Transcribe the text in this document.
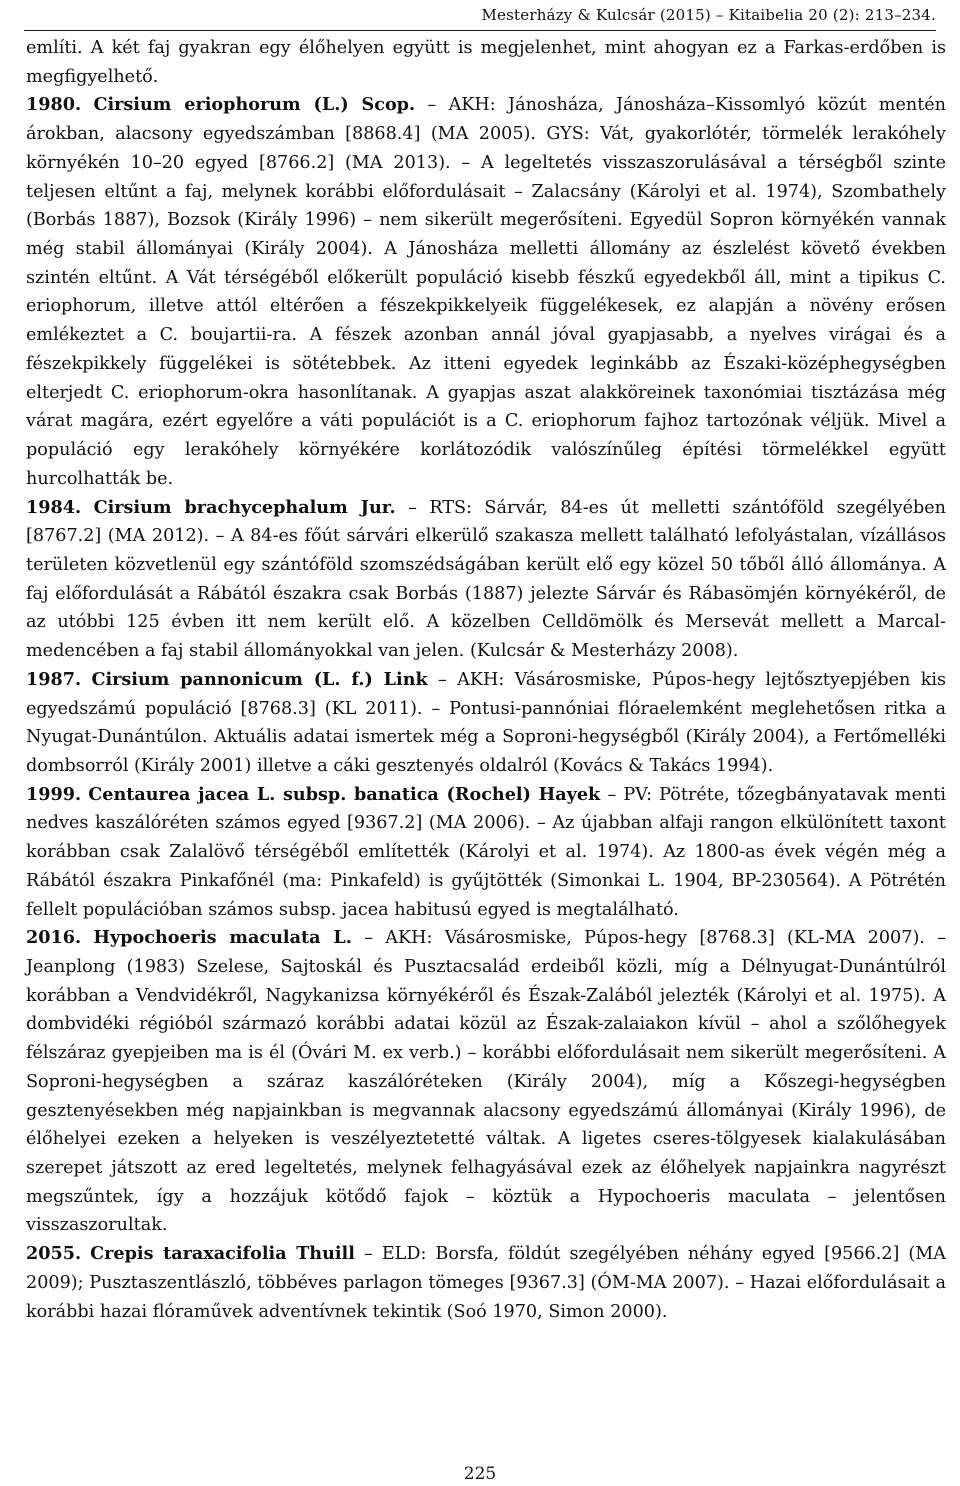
Mesterházy & Kulcsár (2015) – Kitaibelia 20 (2): 213–234.

említi. A két faj gyakran egy élőhelyen együtt is megjelenhet, mint ahogyan ez a Farkas-erdőben is megfigyelhető.

1980. Cirsium eriophorum (L.) Scop. – AKH: Jánosháza, Jánosháza–Kissomlyó közút mentén árokban, alacsony egyedszámban [8868.4] (MA 2005). GYS: Vát, gyakorlótér, törmelék lerakóhely környékén 10–20 egyed [8766.2] (MA 2013). – A legeltetés visszaszorulásával a térségből szinte teljesen eltűnt a faj, melynek korábbi előfordulásait – Zalacsány (Károlyi et al. 1974), Szombathely (Borbás 1887), Bozsok (Király 1996) – nem sikerült megerősíteni. Egyedül Sopron környékén vannak még stabil állományai (Király 2004). A Jánosháza melletti állomány az észlelést követő években szintén eltűnt. A Vát térségéből előkerült populáció kisebb fészkű egyedekből áll, mint a tipikus C. eriophorum, illetve attól eltérően a fészekpikkelyeik függelékesek, ez alapján a növény erősen emlékeztet a C. boujartii-ra. A fészek azonban annál jóval gyapjasabb, a nyelves virágai és a fészekpikkely függelékei is sötétebbek. Az itteni egyedek leginkább az Északi-középhegységben elterjedt C. eriophorum-okra hasonlítanak. A gyapjas aszat alakköreinek taxonómiai tisztázása még várat magára, ezért egyelőre a váti populációt is a C. eriophorum fajhoz tartozónak véljük. Mivel a populáció egy lerakóhely környékére korlátozódik valószínűleg építési törmelékkel együtt hurcolhatták be.

1984. Cirsium brachycephalum Jur. – RTS: Sárvár, 84-es út melletti szántóföld szegélyében [8767.2] (MA 2012). – A 84-es főút sárvári elkerülő szakasza mellett található lefolyástalan, vízállásos területen közvetlenül egy szántóföld szomszédságában került elő egy közel 50 tőből álló állománya. A faj előfordulását a Rábától északra csak Borbás (1887) jelezte Sárvár és Rábasömjén környékéről, de az utóbbi 125 évben itt nem került elő. A közelben Celldömölk és Mersevát mellett a Marcal-medencében a faj stabil állományokkal van jelen. (Kulcsár & Mesterházy 2008).

1987. Cirsium pannonicum (L. f.) Link – AKH: Vásárosmiske, Púpos-hegy lejtősztyepjében kis egyedszámú populáció [8768.3] (KL 2011). – Pontusi-pannóniai flóraelemként meglehetősen ritka a Nyugat-Dunántúlon. Aktuális adatai ismertek még a Soproni-hegységből (Király 2004), a Fertőmelléki dombsorról (Király 2001) illetve a cáki gesztenyés oldalról (Kovács & Takács 1994).

1999. Centaurea jacea L. subsp. banatica (Rochel) Hayek – PV: Pötréte, tőzegbányatavak menti nedves kaszálóréten számos egyed [9367.2] (MA 2006). – Az újabban alfaji rangon elkülönített taxont korábban csak Zalalövő térségéből említették (Károlyi et al. 1974). Az 1800-as évek végén még a Rábától északra Pinkafőnél (ma: Pinkafeld) is gyűjtötték (Simonkai L. 1904, BP-230564). A Pötrétén fellelt populációban számos subsp. jacea habitusú egyed is megtalálható.

2016. Hypochoeris maculata L. – AKH: Vásárosmiske, Púpos-hegy [8768.3] (KL-MA 2007). – Jeanplong (1983) Szelese, Sajtoskál és Pusztacsalád erdeiből közli, míg a Délnyugat-Dunántúlról korábban a Vendvidékről, Nagykanizsa környékéről és Észak-Zalából jelezték (Károlyi et al. 1975). A dombvidéki régióból származó korábbi adatai közül az Észak-zalaiakon kívül – ahol a szőlőhegyek félszáraz gyepjeiben ma is él (Óvári M. ex verb.) – korábbi előfordulásait nem sikerült megerősíteni. A Soproni-hegységben a száraz kaszálóréteken (Király 2004), míg a Kőszegi-hegységben gesztenyésekben még napjainkban is megvannak alacsony egyedszámú állományai (Király 1996), de élőhelyei ezeken a helyeken is veszélyeztetetté váltak. A ligetes cseres-tölgyesek kialakulásában szerepet játszott az ered legeltetés, melynek felhagyásával ezek az élőhelyek napjainkra nagyrészt megszűntek, így a hozzájuk kötődő fajok – köztük a Hypochoeris maculata – jelentősen visszaszorultak.

2055. Crepis taraxacifolia Thuill – ELD: Borsfa, földút szegélyében néhány egyed [9566.2] (MA 2009); Pusztaszentlászló, többéves parlagon tömeges [9367.3] (ÓM-MA 2007). – Hazai előfordulásait a korábbi hazai flóraművek adventívnek tekintik (Soó 1970, Simon 2000).

225
